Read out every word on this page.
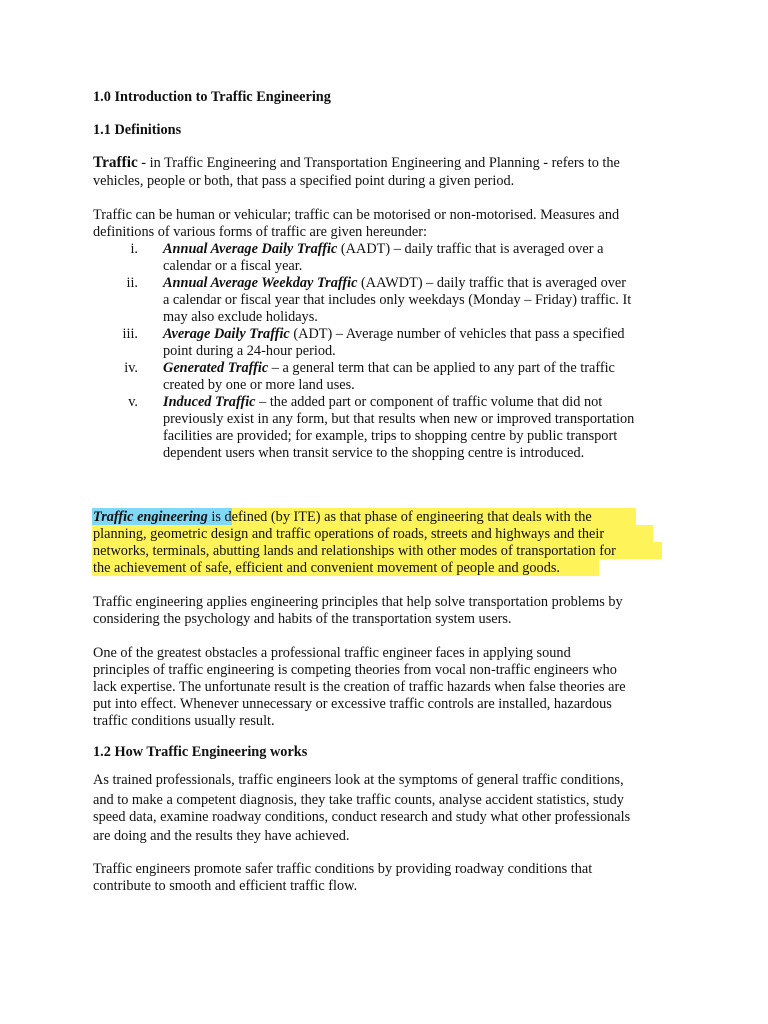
1.0 Introduction to Traffic Engineering
1.1 Definitions
Traffic - in Traffic Engineering and Transportation Engineering and Planning - refers to the
vehicles, people or both, that pass a specified point during a given period.
Traffic can be human or vehicular; traffic can be motorised or non-motorised. Measures and
definitions of various forms of traffic are given hereunder:
i. Annual Average Daily Traffic (AADT) – daily traffic that is averaged over a
calendar or a fiscal year.
ii. Annual Average Weekday Traffic (AAWDT) – daily traffic that is averaged over
a calendar or fiscal year that includes only weekdays (Monday – Friday) traffic. It
may also exclude holidays.
iii. Average Daily Traffic (ADT) – Average number of vehicles that pass a specified
point during a 24-hour period.
iv. Generated Traffic – a general term that can be applied to any part of the traffic
created by one or more land uses.
v. Induced Traffic – the added part or component of traffic volume that did not
previously exist in any form, but that results when new or improved transportation
facilities are provided; for example, trips to shopping centre by public transport
dependent users when transit service to the shopping centre is introduced.
Traffic engineering is defined (by ITE) as that phase of engineering that deals with the
planning, geometric design and traffic operations of roads, streets and highways and their
networks, terminals, abutting lands and relationships with other modes of transportation for
the achievement of safe, efficient and convenient movement of people and goods.
Traffic engineering applies engineering principles that help solve transportation problems by
considering the psychology and habits of the transportation system users.
One of the greatest obstacles a professional traffic engineer faces in applying sound
principles of traffic engineering is competing theories from vocal non-traffic engineers who
lack expertise. The unfortunate result is the creation of traffic hazards when false theories are
put into effect. Whenever unnecessary or excessive traffic controls are installed, hazardous
traffic conditions usually result.
1.2 How Traffic Engineering works
As trained professionals, traffic engineers look at the symptoms of general traffic conditions,
and to make a competent diagnosis, they take traffic counts, analyse accident statistics, study
speed data, examine roadway conditions, conduct research and study what other professionals
are doing and the results they have achieved.
Traffic engineers promote safer traffic conditions by providing roadway conditions that
contribute to smooth and efficient traffic flow.
